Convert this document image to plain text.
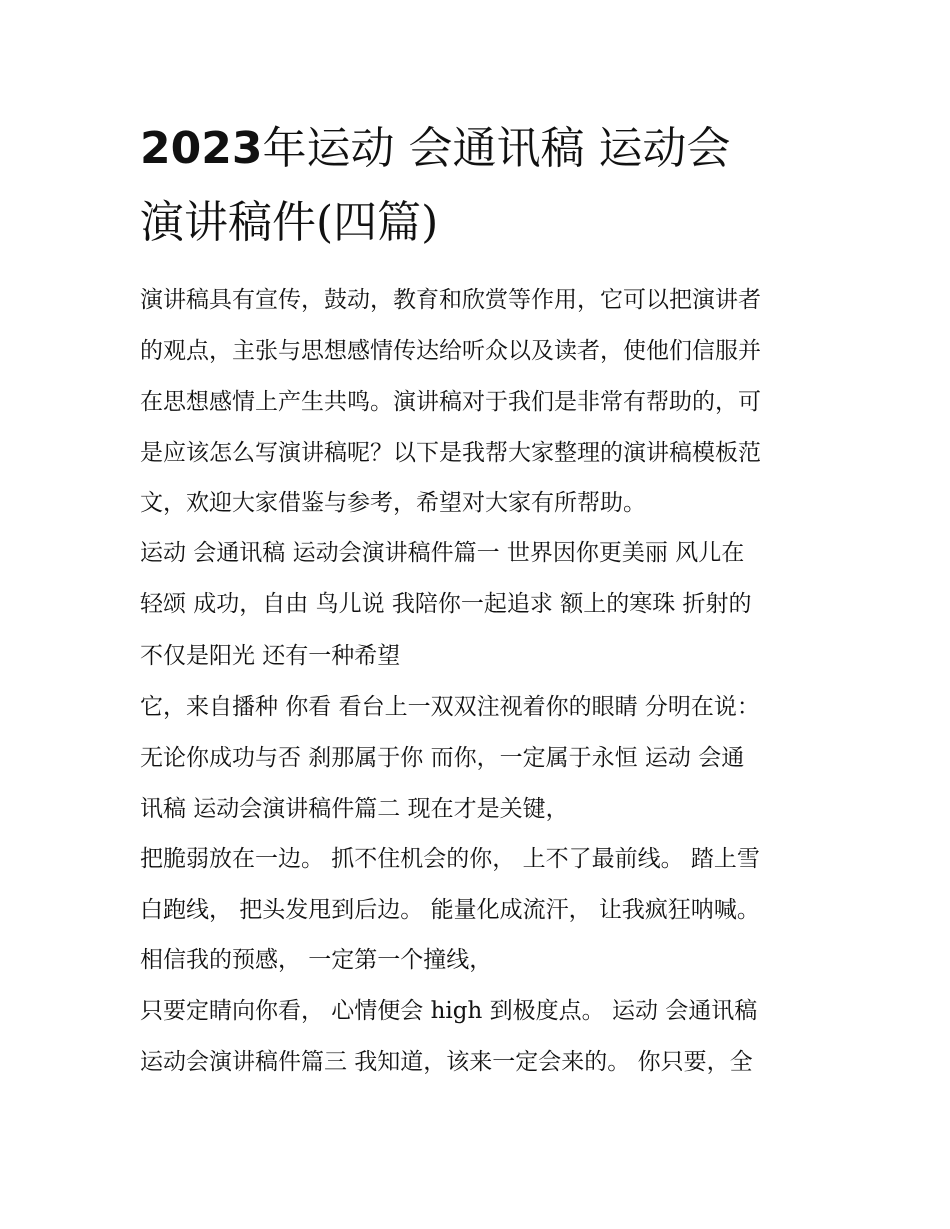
2023年运动 会通讯稿 运动会
演讲稿件(四篇)
演讲稿具有宣传，鼓动，教育和欣赏等作用，它可以把演讲者
的观点，主张与思想感情传达给听众以及读者，使他们信服并
在思想感情上产生共鸣。演讲稿对于我们是非常有帮助的，可
是应该怎么写演讲稿呢？以下是我帮大家整理的演讲稿模板范
文，欢迎大家借鉴与参考，希望对大家有所帮助。
运动 会通讯稿 运动会演讲稿件篇一 世界因你更美丽 风儿在
轻颂 成功，自由 鸟儿说 我陪你一起追求 额上的寒珠 折射的
不仅是阳光 还有一种希望
它，来自播种 你看 看台上一双双注视着你的眼睛 分明在说：
无论你成功与否 刹那属于你 而你，一定属于永恒 运动 会通
讯稿 运动会演讲稿件篇二 现在才是关键，
把脆弱放在一边。 抓不住机会的你， 上不了最前线。 踏上雪
白跑线， 把头发甩到后边。 能量化成流汗， 让我疯狂呐喊。
相信我的预感， 一定第一个撞线，
只要定睛向你看， 心情便会 high 到极度点。 运动 会通讯稿
运动会演讲稿件篇三 我知道，该来一定会来的。 你只要，全
